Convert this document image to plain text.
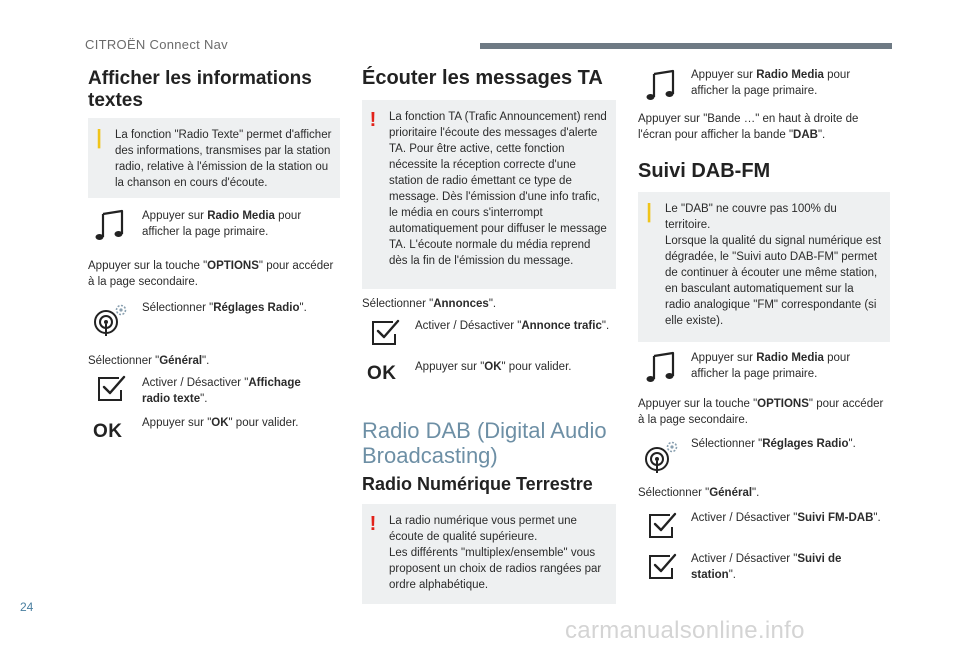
CITROËN Connect Nav
Afficher les informations textes
| La fonction "Radio Texte" permet d'afficher des informations, transmises par la station radio, relative à l'émission de la station ou la chanson en cours d'écoute.
Appuyer sur Radio Media pour afficher la page primaire.
Appuyer sur la touche "OPTIONS" pour accéder à la page secondaire.
Sélectionner "Réglages Radio".
Sélectionner "Général".
Activer / Désactiver "Affichage radio texte".
OK Appuyer sur "OK" pour valider.
Écouter les messages TA
! La fonction TA (Trafic Announcement) rend prioritaire l'écoute des messages d'alerte TA. Pour être active, cette fonction nécessite la réception correcte d'une station de radio émettant ce type de message. Dès l'émission d'une info trafic, le média en cours s'interrompt automatiquement pour diffuser le message TA. L'écoute normale du média reprend dès la fin de l'émission du message.
Sélectionner "Annonces".
Activer / Désactiver "Annonce trafic".
OK Appuyer sur "OK" pour valider.
Radio DAB (Digital Audio Broadcasting)
Radio Numérique Terrestre
! La radio numérique vous permet une écoute de qualité supérieure.
Les différents "multiplex/ensemble" vous proposent un choix de radios rangées par ordre alphabétique.
Appuyer sur Radio Media pour afficher la page primaire.
Appuyer sur "Bande …" en haut à droite de l'écran pour afficher la bande "DAB".
Suivi DAB-FM
| Le "DAB" ne couvre pas 100% du territoire.
Lorsque la qualité du signal numérique est dégradée, le "Suivi auto DAB-FM" permet de continuer à écouter une même station, en basculant automatiquement sur la radio analogique "FM" correspondante (si elle existe).
Appuyer sur Radio Media pour afficher la page primaire.
Appuyer sur la touche "OPTIONS" pour accéder à la page secondaire.
Sélectionner "Réglages Radio".
Sélectionner "Général".
Activer / Désactiver "Suivi FM-DAB".
Activer / Désactiver "Suivi de station".
24
carmanualsonline.info
